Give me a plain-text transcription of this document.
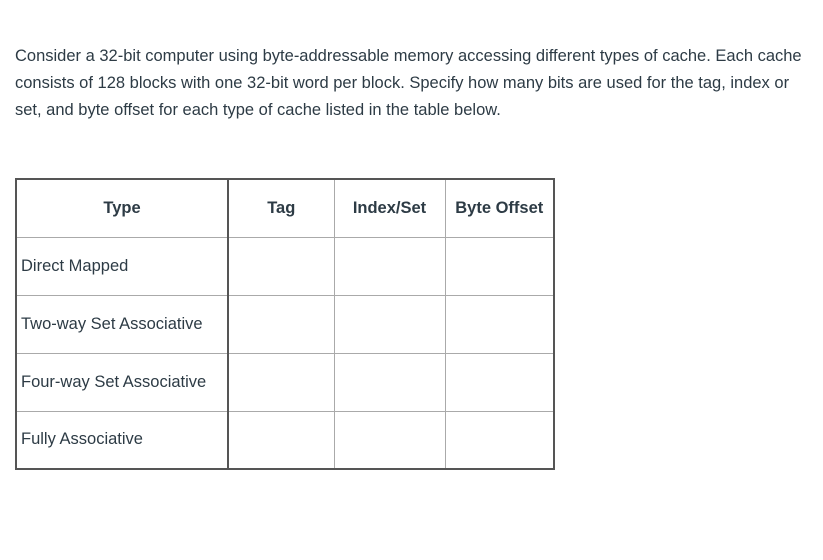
Consider a 32-bit computer using byte-addressable memory accessing different types of cache. Each cache consists of 128 blocks with one 32-bit word per block. Specify how many bits are used for the tag, index or set, and byte offset for each type of cache listed in the table below.

Type	Tag	Index/Set	Byte Offset
Direct Mapped			
Two-way Set Associative			
Four-way Set Associative			
Fully Associative			
